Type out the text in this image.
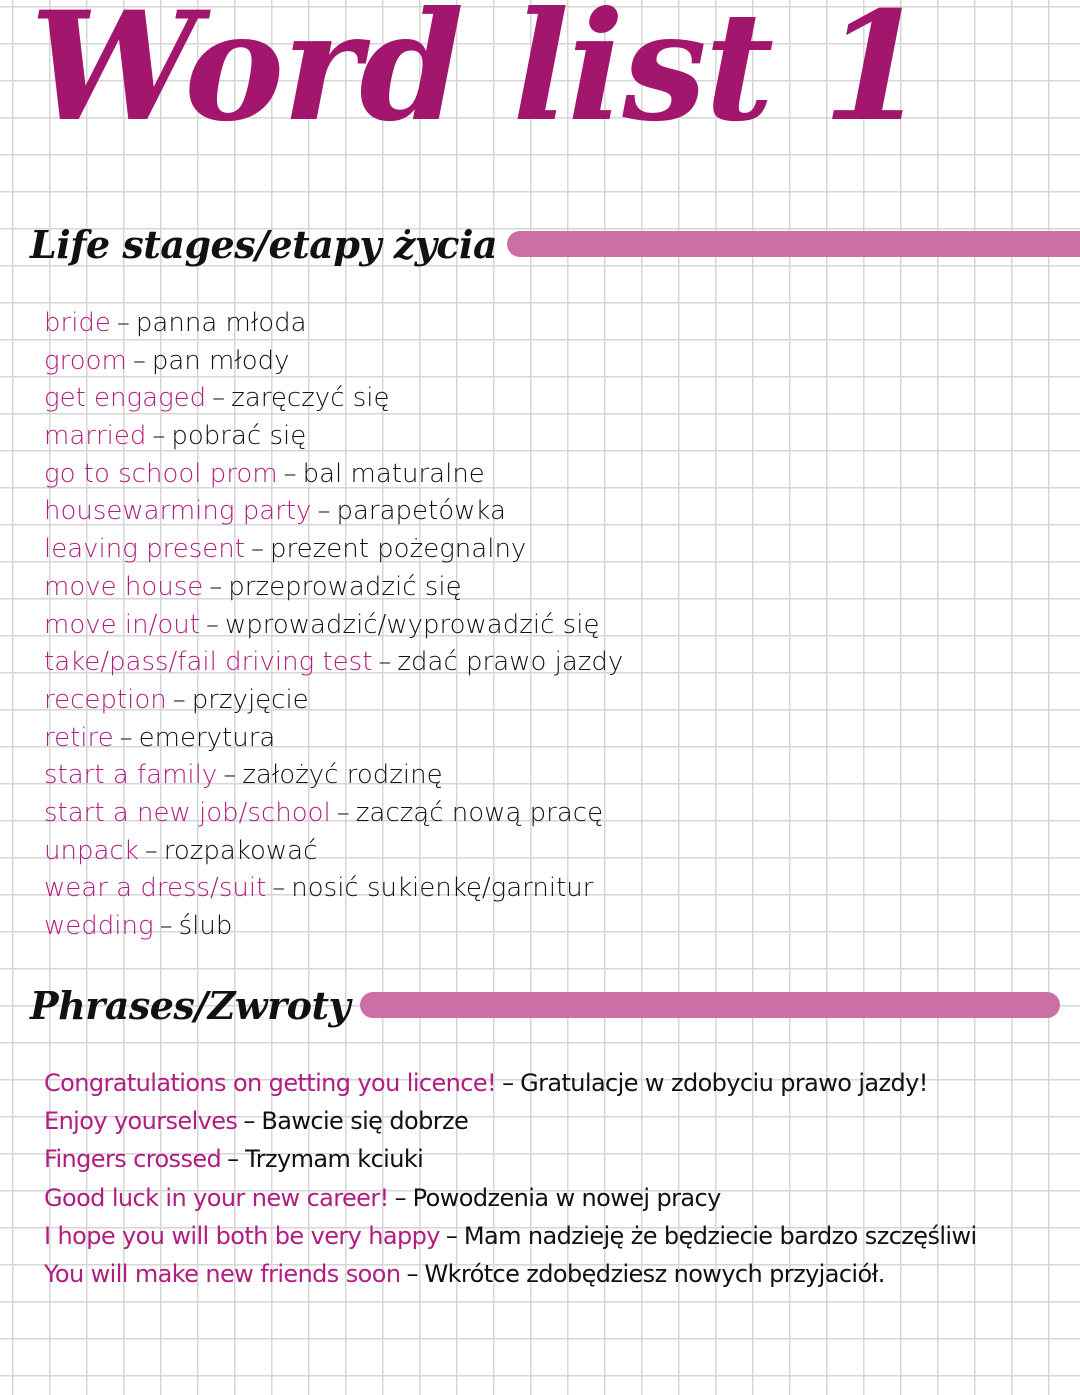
Word list 1
Life stages/etapy życia
bride – panna młoda
groom – pan młody
get engaged – zaręczyć się
married – pobrać się
go to school prom – bal maturalne
housewarming party – parapetówka
leaving present – prezent pożegnalny
move house – przeprowadzić się
move in/out – wprowadzić/wyprowadzić się
take/pass/fail driving test – zdać prawo jazdy
reception – przyjęcie
retire – emerytura
start a family – założyć rodzinę
start a new job/school – zacząć nową pracę
unpack – rozpakować
wear a dress/suit – nosić sukienkę/garnitur
wedding – ślub
Phrases/Zwroty
Congratulations on getting you licence! – Gratulacje w zdobyciu prawo jazdy!
Enjoy yourselves – Bawcie się dobrze
Fingers crossed – Trzymam kciuki
Good luck in your new career! – Powodzenia w nowej pracy
I hope you will both be very happy – Mam nadzieję że będziecie bardzo szczęśliwi
You will make new friends soon – Wkrótce zdobędziesz nowych przyjaciół.
